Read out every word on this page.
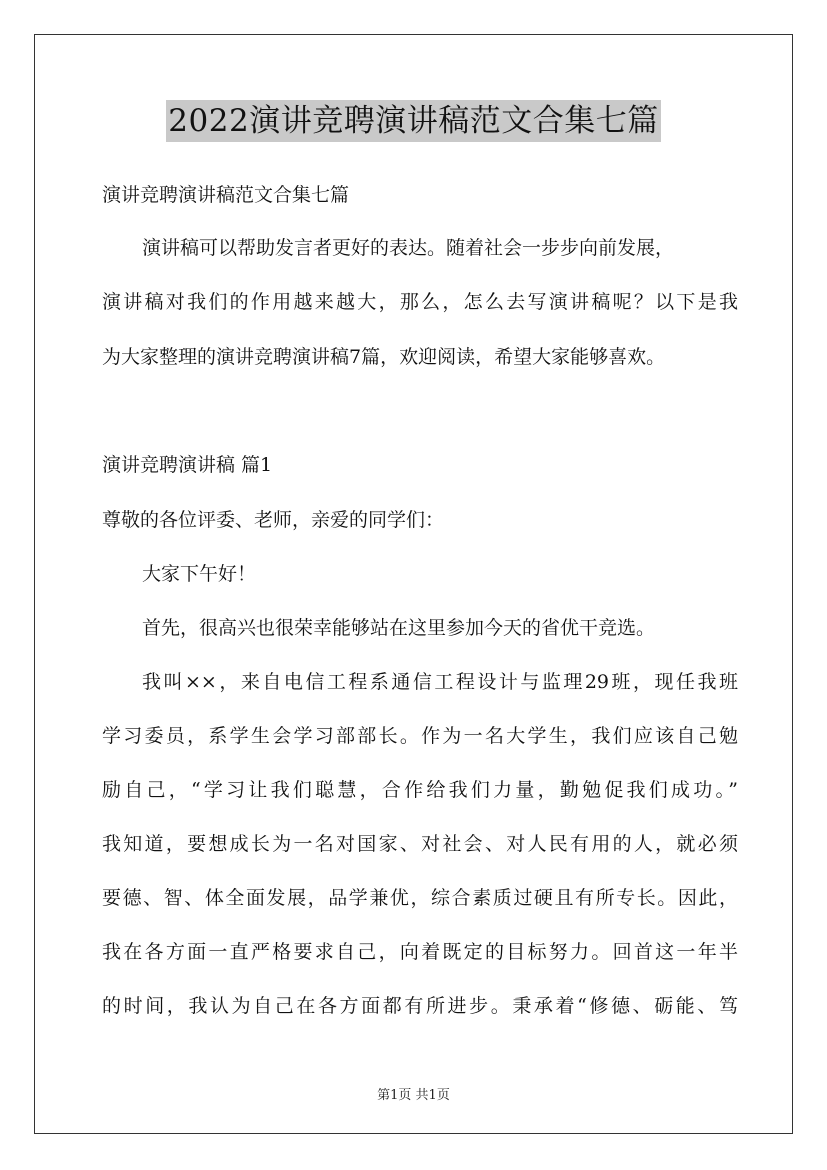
2022演讲竞聘演讲稿范文合集七篇
演讲竞聘演讲稿范文合集七篇
演讲稿可以帮助发言者更好的表达。随着社会一步步向前发展，
演讲稿对我们的作用越来越大，那么，怎么去写演讲稿呢？以下是我
为大家整理的演讲竞聘演讲稿7篇，欢迎阅读，希望大家能够喜欢。
演讲竞聘演讲稿 篇1
尊敬的各位评委、老师，亲爱的同学们：
大家下午好！
首先，很高兴也很荣幸能够站在这里参加今天的省优干竞选。
我叫××，来自电信工程系通信工程设计与监理29班，现任我班
学习委员，系学生会学习部部长。作为一名大学生，我们应该自己勉
励自己，“学习让我们聪慧，合作给我们力量，勤勉促我们成功。”
我知道，要想成长为一名对国家、对社会、对人民有用的人，就必须
要德、智、体全面发展，品学兼优，综合素质过硬且有所专长。因此，
我在各方面一直严格要求自己，向着既定的目标努力。回首这一年半
的时间，我认为自己在各方面都有所进步。秉承着“修德、砺能、笃
第1页 共1页
